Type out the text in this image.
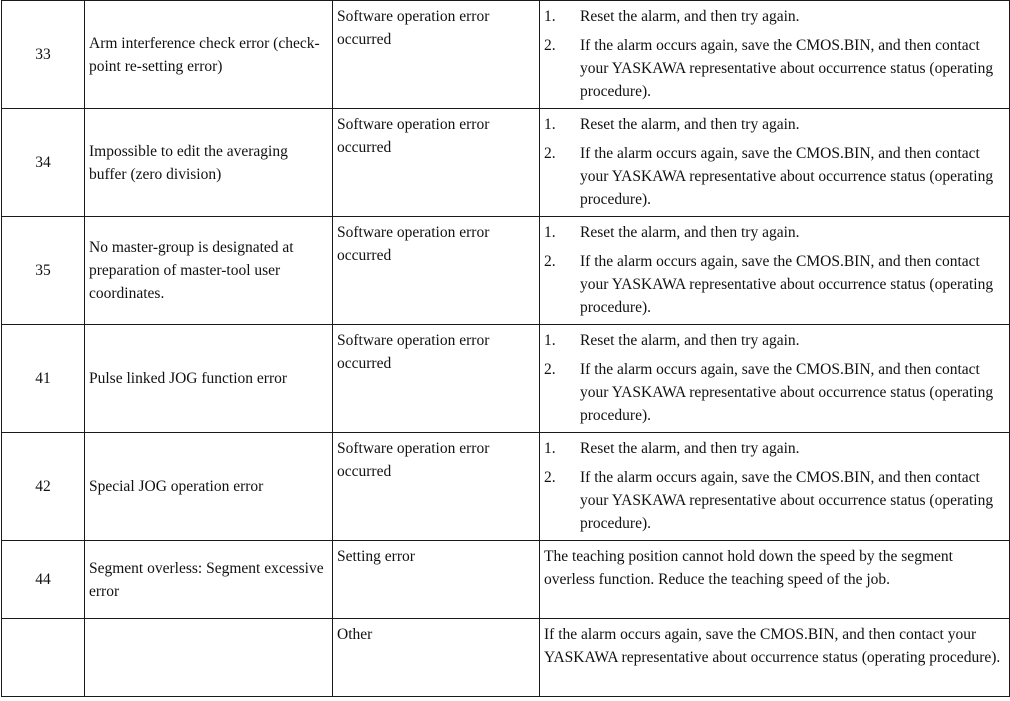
33	Arm interference check error (check-point re-setting error)	Software operation error occurred	1. Reset the alarm, and then try again.
2. If the alarm occurs again, save the CMOS.BIN, and then contact your YASKAWA representative about occurrence status (operating procedure).

34	Impossible to edit the averaging buffer (zero division)	Software operation error occurred	1. Reset the alarm, and then try again.
2. If the alarm occurs again, save the CMOS.BIN, and then contact your YASKAWA representative about occurrence status (operating procedure).

35	No master-group is designated at preparation of master-tool user coordinates.	Software operation error occurred	1. Reset the alarm, and then try again.
2. If the alarm occurs again, save the CMOS.BIN, and then contact your YASKAWA representative about occurrence status (operating procedure).

41	Pulse linked JOG function error	Software operation error occurred	1. Reset the alarm, and then try again.
2. If the alarm occurs again, save the CMOS.BIN, and then contact your YASKAWA representative about occurrence status (operating procedure).

42	Special JOG operation error	Software operation error occurred	1. Reset the alarm, and then try again.
2. If the alarm occurs again, save the CMOS.BIN, and then contact your YASKAWA representative about occurrence status (operating procedure).

44	Segment overless: Segment excessive error	Setting error	The teaching position cannot hold down the speed by the segment overless function. Reduce the teaching speed of the job.
		Other	If the alarm occurs again, save the CMOS.BIN, and then contact your YASKAWA representative about occurrence status (operating procedure).
